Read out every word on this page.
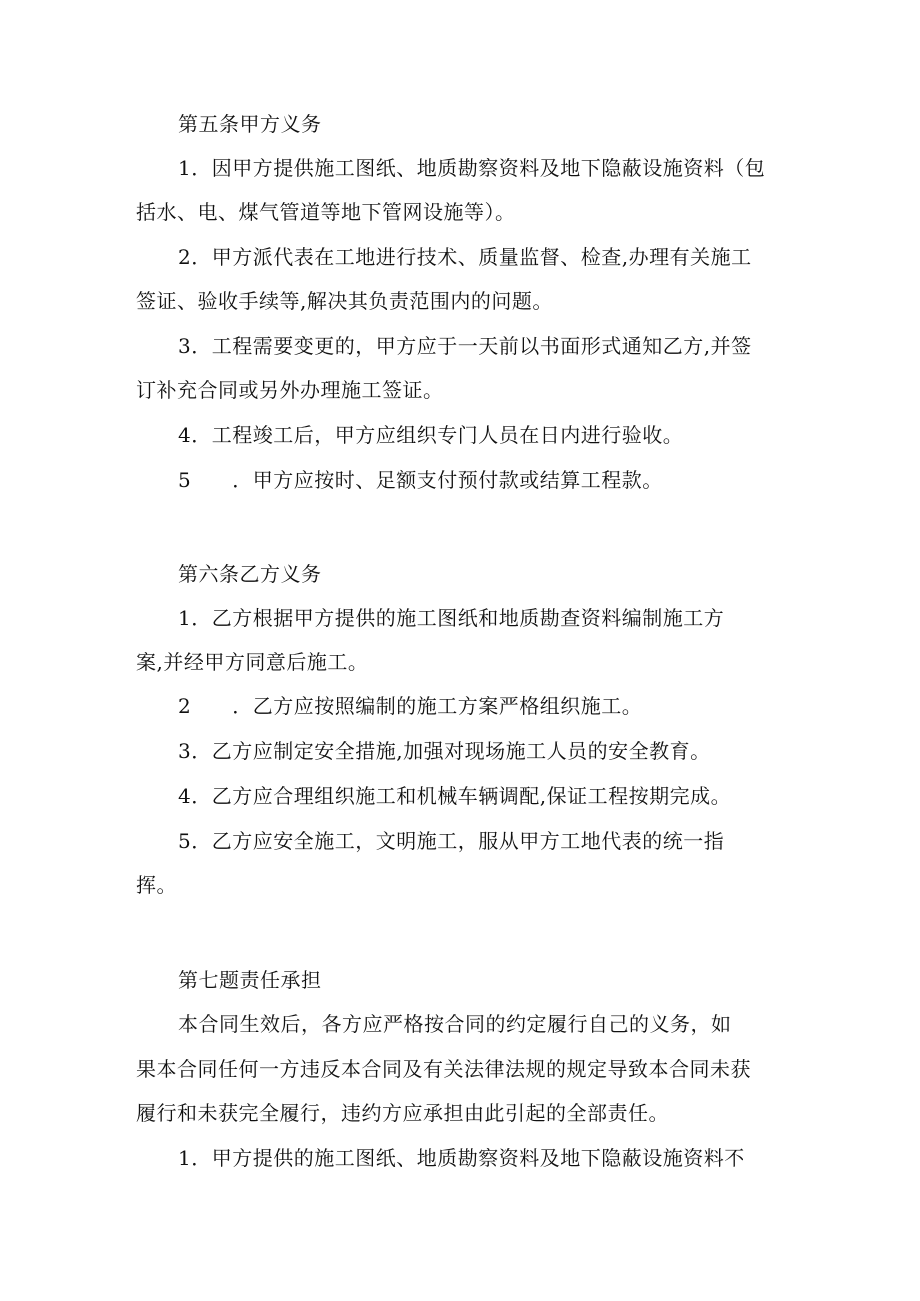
第五条甲方义务
1．因甲方提供施工图纸、地质勘察资料及地下隐蔽设施资料（包
括水、电、煤气管道等地下管网设施等）。
2．甲方派代表在工地进行技术、质量监督、检查,办理有关施工
签证、验收手续等,解决其负责范围内的问题。
3．工程需要变更的，甲方应于一天前以书面形式通知乙方,并签
订补充合同或另外办理施工签证。
4．工程竣工后，甲方应组织专门人员在日内进行验收。
5　　．甲方应按时、足额支付预付款或结算工程款。
第六条乙方义务
1．乙方根据甲方提供的施工图纸和地质勘查资料编制施工方
案,并经甲方同意后施工。
2　　．乙方应按照编制的施工方案严格组织施工。
3．乙方应制定安全措施,加强对现场施工人员的安全教育。
4．乙方应合理组织施工和机械车辆调配,保证工程按期完成。
5．乙方应安全施工，文明施工，服从甲方工地代表的统一指
挥。
第七题责任承担
本合同生效后，各方应严格按合同的约定履行自己的义务，如
果本合同任何一方违反本合同及有关法律法规的规定导致本合同未获
履行和未获完全履行，违约方应承担由此引起的全部责任。
1．甲方提供的施工图纸、地质勘察资料及地下隐蔽设施资料不
